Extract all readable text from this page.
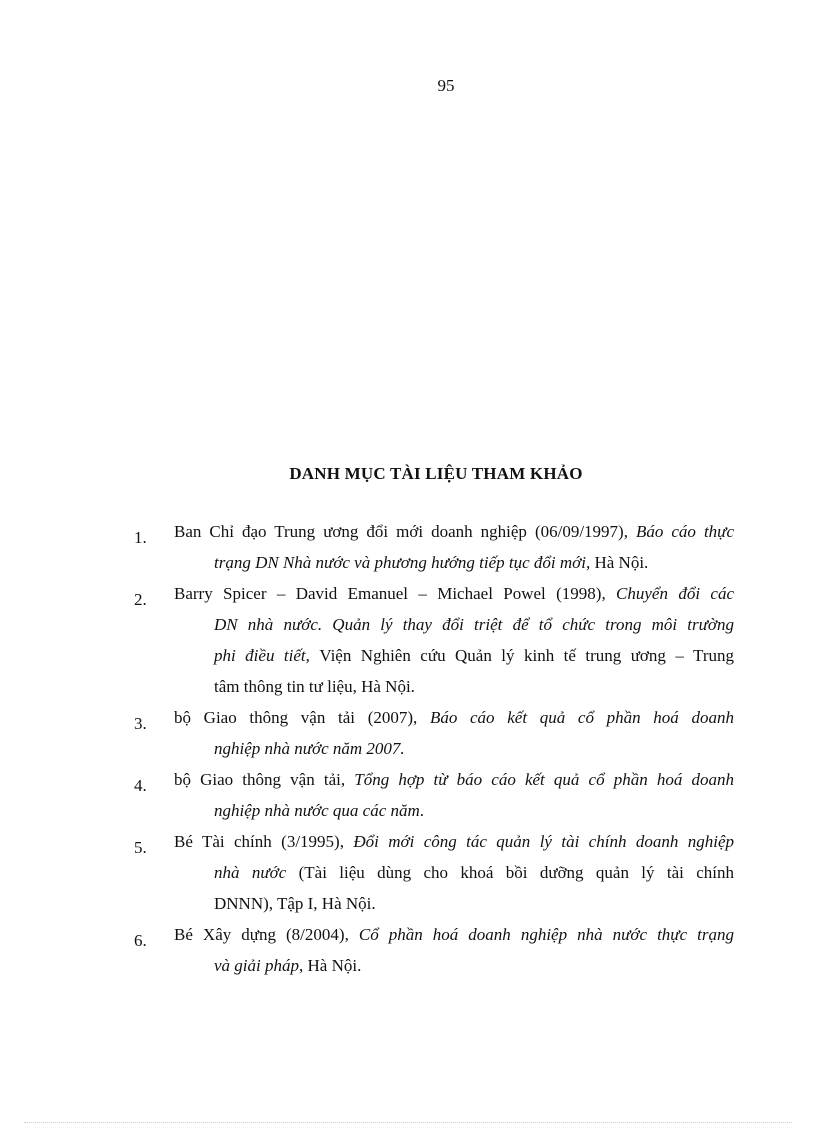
95
DANH MỤC TÀI LIỆU THAM KHẢO
1. Ban Chỉ đạo Trung ương đổi mới doanh nghiệp (06/09/1997), Báo cáo thực
trạng DN Nhà nước và phương hướng tiếp tục đổi mới, Hà Nội.
2. Barry Spicer – David Emanuel – Michael Powel (1998), Chuyển đổi các
DN nhà nước. Quản lý thay đổi triệt để tổ chức trong môi trường
phi điều tiết, Viện Nghiên cứu Quản lý kinh tế trung ương – Trung
tâm thông tin tư liệu, Hà Nội.
3. bộ Giao thông vận tải (2007), Báo cáo kết quả cổ phần hoá doanh
nghiệp nhà nước năm 2007.
4. bộ Giao thông vận tải, Tổng hợp từ báo cáo kết quả cổ phần hoá doanh
nghiệp nhà nước qua các năm.
5. Bé Tài chính (3/1995), Đổi mới công tác quản lý tài chính doanh nghiệp
nhà nước (Tài liệu dùng cho khoá bồi dưỡng quản lý tài chính
DNNN), Tập I, Hà Nội.
6. Bé Xây dựng (8/2004), Cổ phần hoá doanh nghiệp nhà nước thực trạng
và giải pháp, Hà Nội.
